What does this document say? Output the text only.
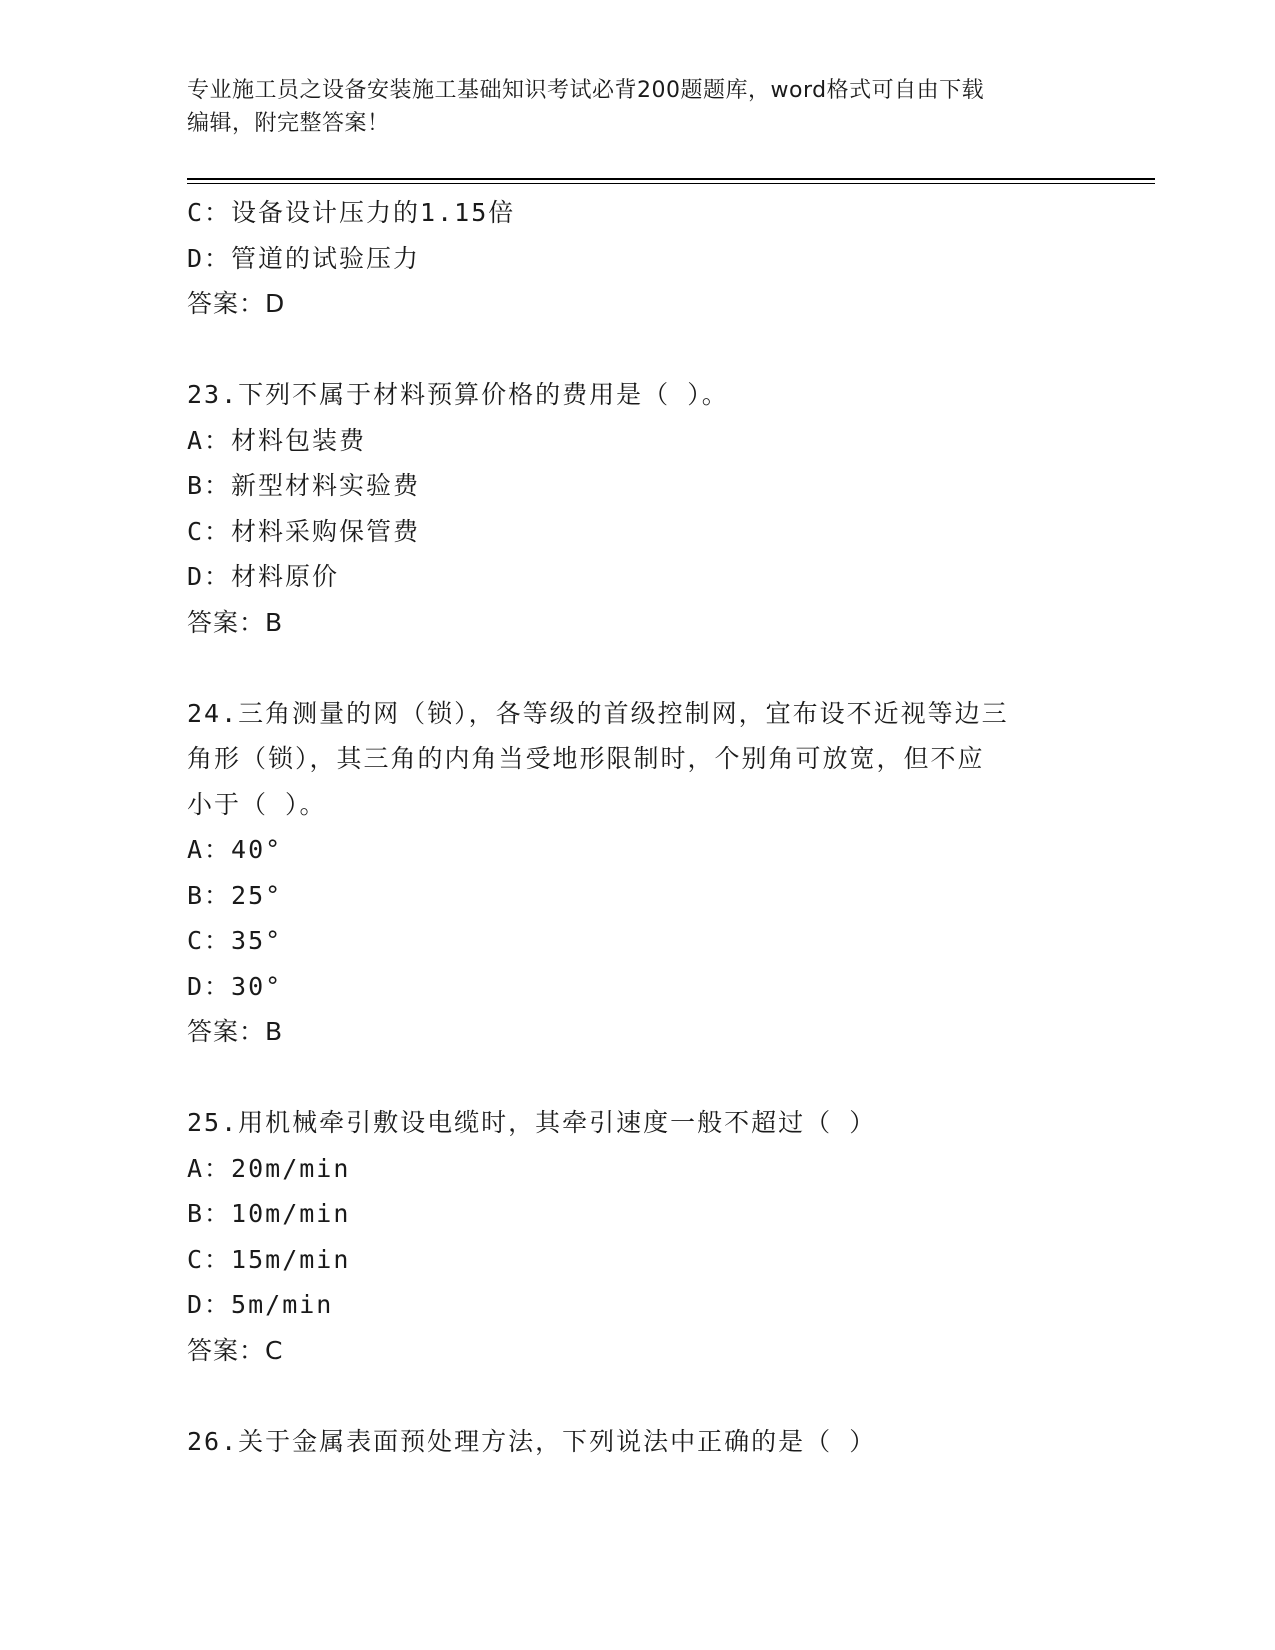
专业施工员之设备安装施工基础知识考试必背200题题库，word格式可自由下载
编辑，附完整答案！
C：设备设计压力的1.15倍
D：管道的试验压力
答案：D
23.下列不属于材料预算价格的费用是（ ）。
A：材料包装费
B：新型材料实验费
C：材料采购保管费
D：材料原价
答案：B
24.三角测量的网（锁），各等级的首级控制网，宜布设不近视等边三
角形（锁），其三角的内角当受地形限制时，个别角可放宽，但不应
小于（ ）。
A：40°
B：25°
C：35°
D：30°
答案：B
25.用机械牵引敷设电缆时，其牵引速度一般不超过（ ）
A：20m/min
B：10m/min
C：15m/min
D：5m/min
答案：C
26.关于金属表面预处理方法，下列说法中正确的是（ ）
